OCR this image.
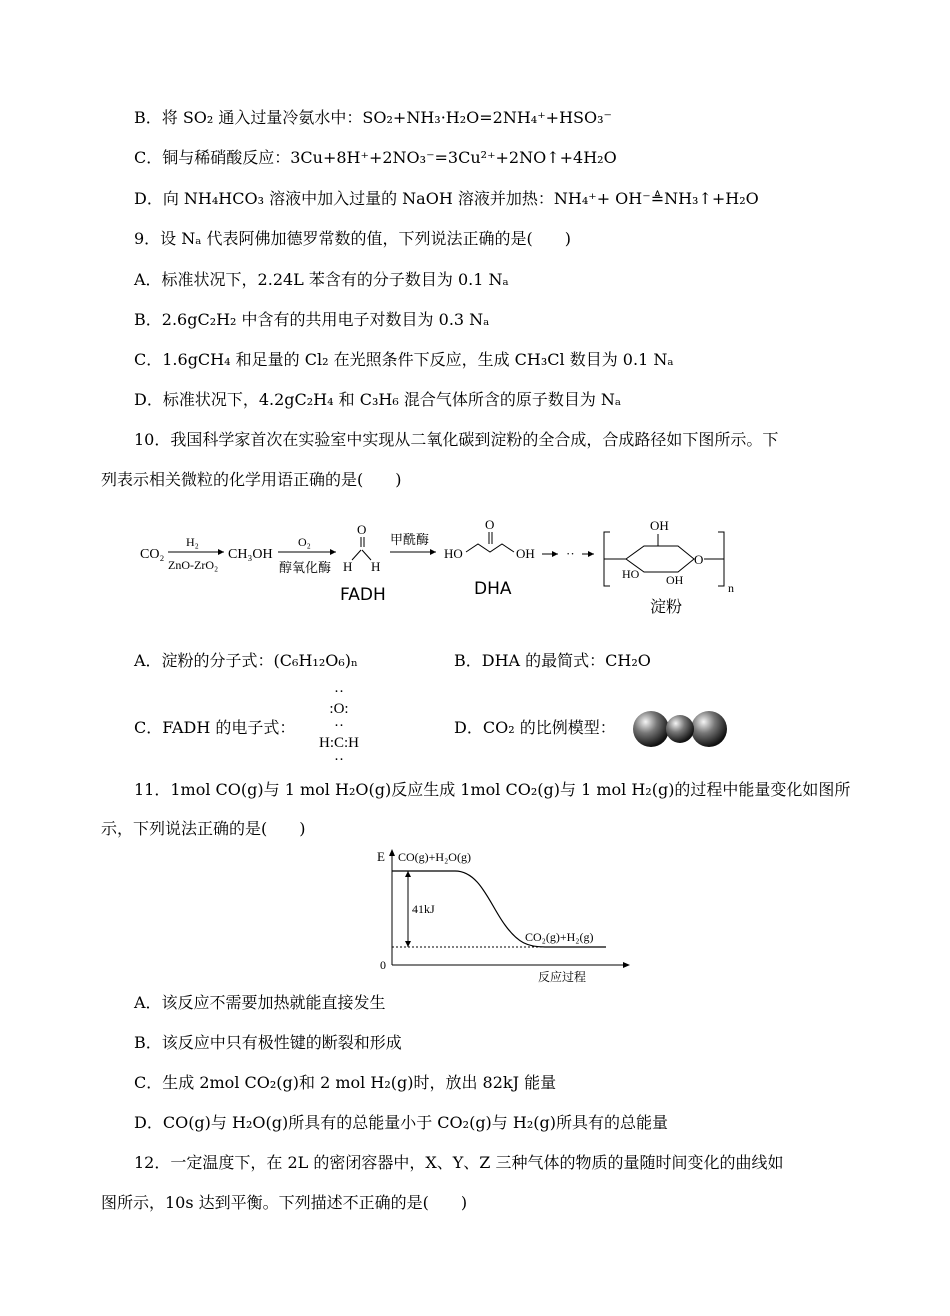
B．将 SO₂ 通入过量冷氨水中：SO₂+NH₃·H₂O=2NH₄⁺+HSO₃⁻
C．铜与稀硝酸反应：3Cu+8H⁺+2NO₃⁻=3Cu²⁺+2NO↑+4H₂O
D．向 NH₄HCO₃ 溶液中加入过量的 NaOH 溶液并加热：NH₄⁺+ OH⁻≜NH₃↑+H₂O
9．设 Nₐ 代表阿佛加德罗常数的值，下列说法正确的是(　　)
A．标准状况下，2.24L 苯含有的分子数目为 0.1 Nₐ
B．2.6gC₂H₂ 中含有的共用电子对数目为 0.3 Nₐ
C．1.6gCH₄ 和足量的 Cl₂ 在光照条件下反应，生成 CH₃Cl 数目为 0.1 Nₐ
D．标准状况下，4.2gC₂H₄ 和 C₃H₆ 混合气体所含的原子数目为 Nₐ
10．我国科学家首次在实验室中实现从二氧化碳到淀粉的全合成，合成路径如下图所示。下
列表示相关微粒的化学用语正确的是(　　)
CO₂
H₂
ZnO-ZrO₂
CH₃OH
O₂
醇氧化酶
O
H H
FADH
甲酰酶
HO
O
OH
DHA
··
OH
HO OH
O
n
淀粉
A．淀粉的分子式：(C₆H₁₂O₆)ₙ	B．DHA 的最简式：CH₂O
C．FADH 的电子式：
··
:O:
··
H:C:H
··
D．CO₂ 的比例模型：
11．1mol CO(g)与 1 mol H₂O(g)反应生成 1mol CO₂(g)与 1 mol H₂(g)的过程中能量变化如图所
示，下列说法正确的是(　　)
E
0
CO(g)+H₂O(g)
41kJ
CO₂(g)+H₂(g)
反应过程
A．该反应不需要加热就能直接发生
B．该反应中只有极性键的断裂和形成
C．生成 2mol CO₂(g)和 2 mol H₂(g)时，放出 82kJ 能量
D．CO(g)与 H₂O(g)所具有的总能量小于 CO₂(g)与 H₂(g)所具有的总能量
12．一定温度下，在 2L 的密闭容器中，X、Y、Z 三种气体的物质的量随时间变化的曲线如
图所示，10s 达到平衡。下列描述不正确的是(　　)
